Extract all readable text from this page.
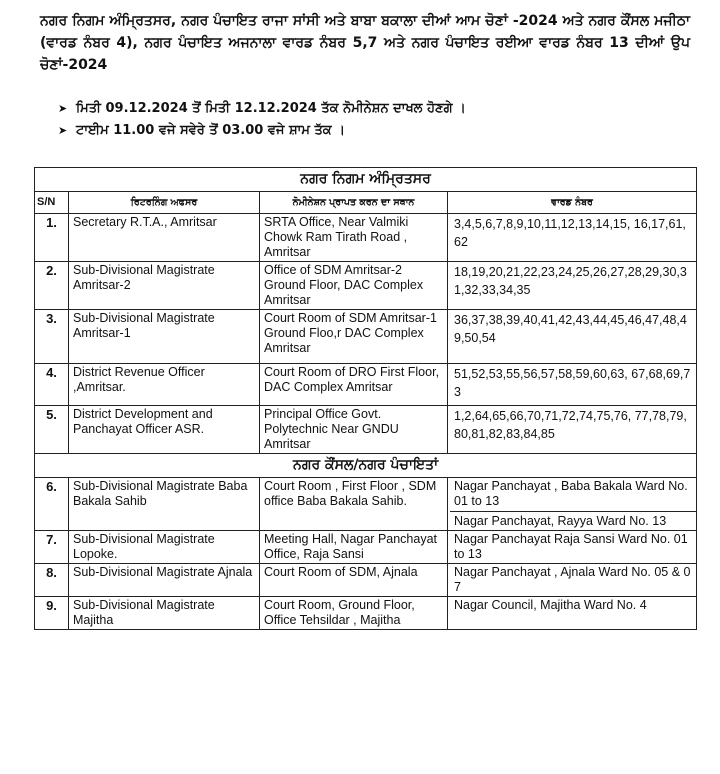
ਨਗਰ ਨਿਗਮ ਅੰਮ੍ਰਿਤਸਰ, ਨਗਰ ਪੰਚਾਇਤ ਰਾਜਾ ਸਾਂਸੀ ਅਤੇ ਬਾਬਾ ਬਕਾਲਾ ਦੀਆਂ ਆਮ ਚੋਣਾਂ -2024 ਅਤੇ ਨਗਰ ਕੌਂਸਲ ਮਜੀਠਾ (ਵਾਰਡ ਨੰਬਰ 4), ਨਗਰ ਪੰਚਾਇਤ ਅਜਨਾਲਾ ਵਾਰਡ ਨੰਬਰ 5,7 ਅਤੇ ਨਗਰ ਪੰਚਾਇਤ ਰਈਆ ਵਾਰਡ ਨੰਬਰ 13 ਦੀਆਂ ਉਪ ਚੋਣਾਂ-2024
➤ ਮਿਤੀ 09.12.2024 ਤੋਂ ਮਿਤੀ 12.12.2024 ਤੱਕ ਨੋਮੀਨੇਸ਼ਨ ਦਾਖਲ ਹੋਣਗੇ ।
➤ ਟਾਈਮ 11.00 ਵਜੇ ਸਵੇਰੇ ਤੋਂ 03.00 ਵਜੇ ਸ਼ਾਮ ਤੱਕ ।
ਨਗਰ ਨਿਗਮ ਅੰਮ੍ਰਿਤਸਰ			
S/N	ਰਿਟਰਨਿੰਗ ਅਫਸਰ	ਨੋਮੀਨੇਸ਼ਨ ਪ੍ਰਾਪਤ ਕਰਨ ਦਾ ਸਥਾਨ	ਵਾਰਡ ਨੰਬਰ
1.	Secretary R.T.A., Amritsar	SRTA Office, Near Valmiki Chowk Ram Tirath Road , Amritsar	3,4,5,6,7,8,9,10,11,12,13,14,15, 16,17,61,62
2.	Sub-Divisional Magistrate Amritsar-2	Office of SDM Amritsar-2 Ground Floor, DAC Complex Amritsar	18,19,20,21,22,23,24,25,26,27,28,29,30,31,32,33,34,35
3.	Sub-Divisional Magistrate Amritsar-1	Court Room of SDM Amritsar-1 Ground Floo,r DAC Complex Amritsar	36,37,38,39,40,41,42,43,44,45,46,47,48,49,50,54
4.	District Revenue Officer ,Amritsar.	Court Room of DRO First Floor, DAC Complex Amritsar	51,52,53,55,56,57,58,59,60,63, 67,68,69,73
5.	District Development and Panchayat Officer ASR.	Principal Office Govt. Polytechnic Near GNDU Amritsar	1,2,64,65,66,70,71,72,74,75,76, 77,78,79,80,81,82,83,84,85
ਨਗਰ ਕੌਂਸਲ/ਨਗਰ ਪੰਚਾਇਤਾਂ			
6.	Sub-Divisional Magistrate Baba Bakala Sahib	Court Room , First Floor , SDM office Baba Bakala Sahib.	Nagar Panchayat , Baba Bakala Ward No. 01 to 13
Nagar Panchayat, Rayya Ward No. 13

7.	Sub-Divisional Magistrate Lopoke.	Meeting Hall, Nagar Panchayat Office, Raja Sansi	Nagar Panchayat Raja Sansi Ward No. 01 to 13
8.	Sub-Divisional Magistrate Ajnala	Court Room of SDM, Ajnala	Nagar Panchayat , Ajnala Ward No. 05 & 07
9.	Sub-Divisional Magistrate Majitha	Court Room, Ground Floor, Office Tehsildar , Majitha	Nagar Council, Majitha Ward No. 4
